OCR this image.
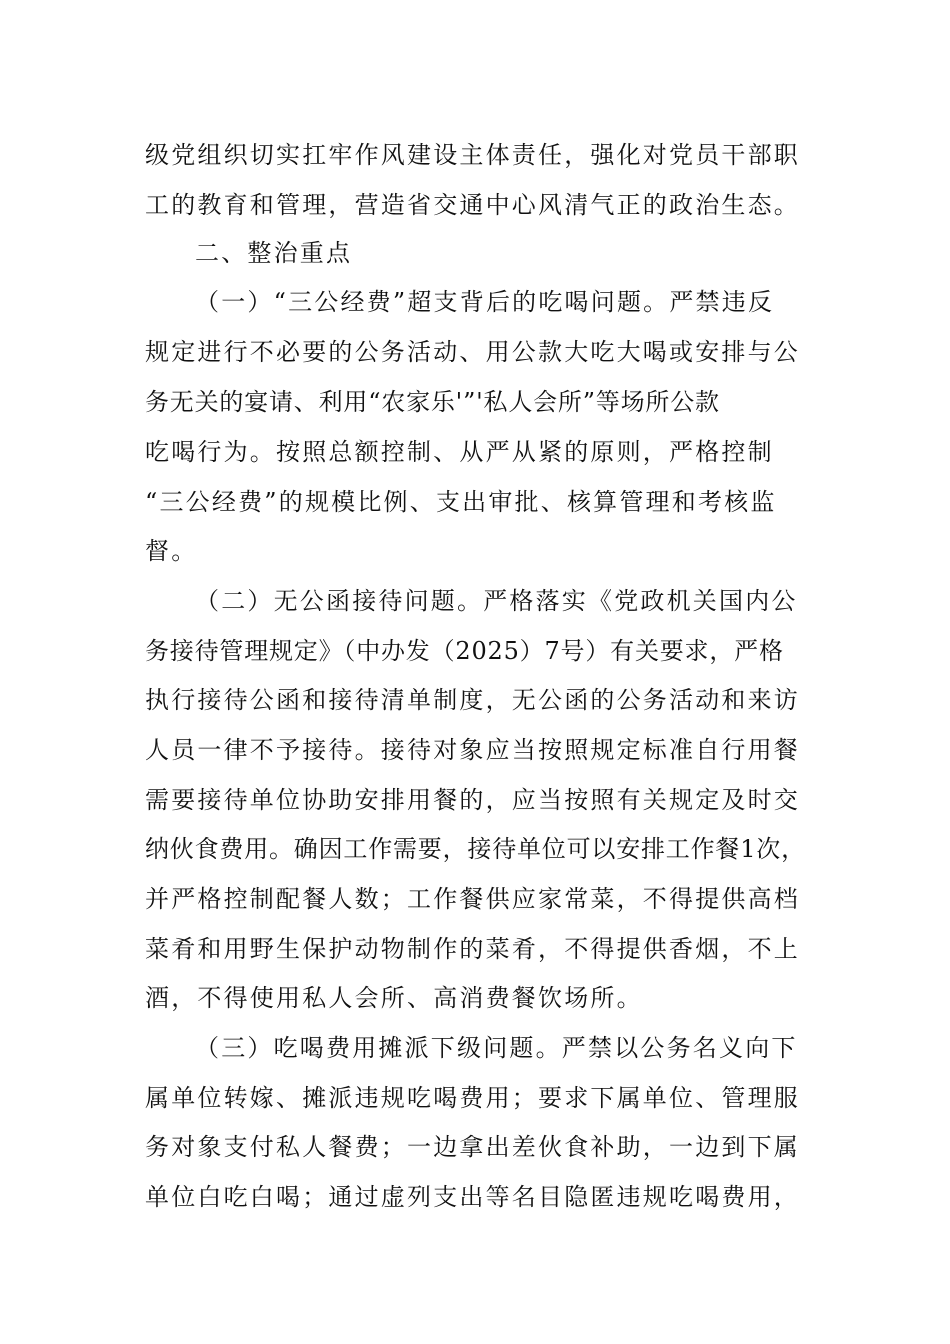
级党组织切实扛牢作风建设主体责任，强化对党员干部职
工的教育和管理，营造省交通中心风清气正的政治生态。
二、整治重点
（一）“三公经费”超支背后的吃喝问题。严禁违反
规定进行不必要的公务活动、用公款大吃大喝或安排与公
务无关的宴请、利用“农家乐'”'私人会所”等场所公款
吃喝行为。按照总额控制、从严从紧的原则，严格控制
“三公经费”的规模比例、支出审批、核算管理和考核监
督。
（二）无公函接待问题。严格落实《党政机关国内公
务接待管理规定》（中办发（2025）7号）有关要求，严格
执行接待公函和接待清单制度，无公函的公务活动和来访
人员一律不予接待。接待对象应当按照规定标准自行用餐
需要接待单位协助安排用餐的，应当按照有关规定及时交
纳伙食费用。确因工作需要，接待单位可以安排工作餐1次，
并严格控制配餐人数；工作餐供应家常菜，不得提供高档
菜肴和用野生保护动物制作的菜肴，不得提供香烟，不上
酒，不得使用私人会所、高消费餐饮场所。
（三）吃喝费用摊派下级问题。严禁以公务名义向下
属单位转嫁、摊派违规吃喝费用；要求下属单位、管理服
务对象支付私人餐费；一边拿出差伙食补助，一边到下属
单位白吃白喝；通过虚列支出等名目隐匿违规吃喝费用，
